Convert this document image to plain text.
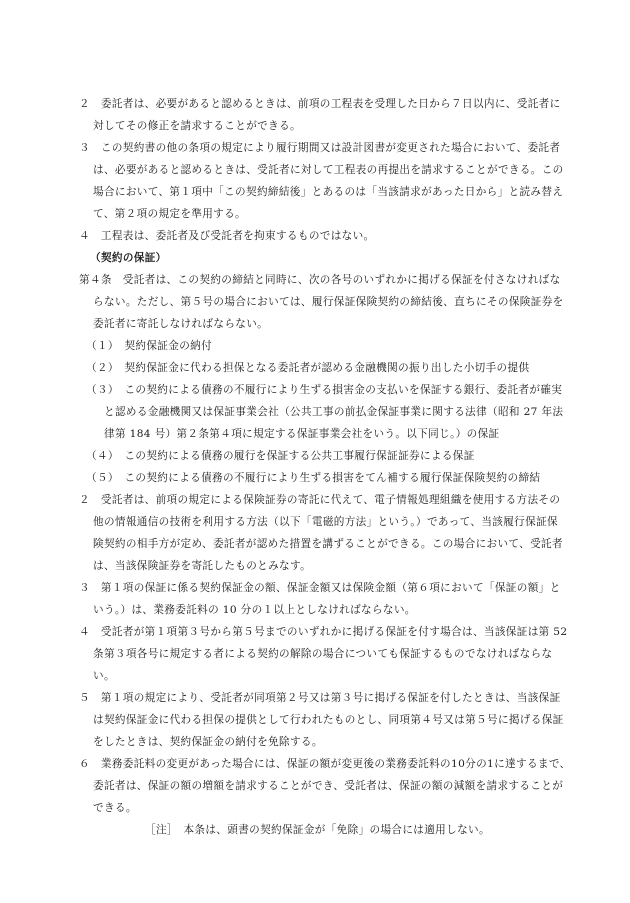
２　委託者は、必要があると認めるときは、前項の工程表を受理した日から７日以内に、受託者に
対してその修正を請求することができる。
３　この契約書の他の条項の規定により履行期間又は設計図書が変更された場合において、委託者
は、必要があると認めるときは、受託者に対して工程表の再提出を請求することができる。この
場合において、第１項中「この契約締結後」とあるのは「当該請求があった日から」と読み替え
て、第２項の規定を準用する。
４　工程表は、委託者及び受託者を拘束するものではない。
（契約の保証）
第４条　受託者は、この契約の締結と同時に、次の各号のいずれかに掲げる保証を付さなければな
らない。ただし、第５号の場合においては、履行保証保険契約の締結後、直ちにその保険証券を
委託者に寄託しなければならない。
（１）　契約保証金の納付
（２）　契約保証金に代わる担保となる委託者が認める金融機関の振り出した小切手の提供
（３）　この契約による債務の不履行により生ずる損害金の支払いを保証する銀行、委託者が確実
と認める金融機関又は保証事業会社（公共工事の前払金保証事業に関する法律（昭和 27 年法
律第 184 号）第２条第４項に規定する保証事業会社をいう。以下同じ。）の保証
（４）　この契約による債務の履行を保証する公共工事履行保証証券による保証
（５）　この契約による債務の不履行により生ずる損害をてん補する履行保証保険契約の締結
２　受託者は、前項の規定による保険証券の寄託に代えて、電子情報処理組織を使用する方法その
他の情報通信の技術を利用する方法（以下「電磁的方法」という。）であって、当該履行保証保
険契約の相手方が定め、委託者が認めた措置を講ずることができる。この場合において、受託者
は、当該保険証券を寄託したものとみなす。
３　第１項の保証に係る契約保証金の額、保証金額又は保険金額（第６項において「保証の額」と
いう。）は、業務委託料の 10 分の１以上としなければならない。
４　受託者が第１項第３号から第５号までのいずれかに掲げる保証を付す場合は、当該保証は第 52
条第３項各号に規定する者による契約の解除の場合についても保証するものでなければならな
い。
５　第１項の規定により、受託者が同項第２号又は第３号に掲げる保証を付したときは、当該保証
は契約保証金に代わる担保の提供として行われたものとし、同項第４号又は第５号に掲げる保証
をしたときは、契約保証金の納付を免除する。
６　業務委託料の変更があった場合には、保証の額が変更後の業務委託料の10分の1に達するまで、
委託者は、保証の額の増額を請求することができ、受託者は、保証の額の減額を請求することが
できる。
［注］　本条は、頭書の契約保証金が「免除」の場合には適用しない。
